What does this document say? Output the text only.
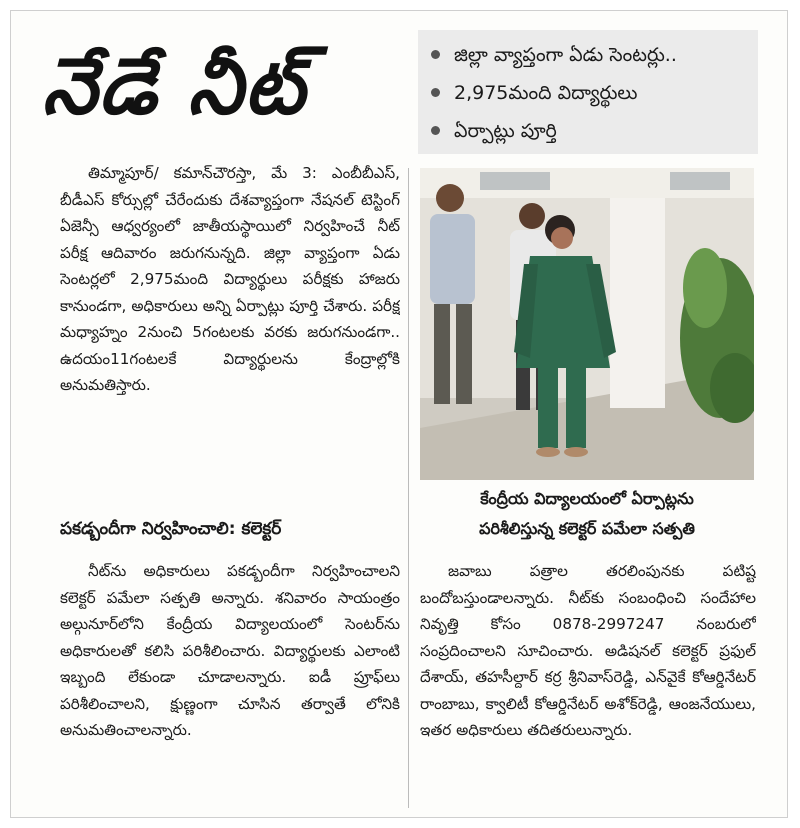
నేడే నీట్	జిల్లా వ్యాప్తంగా ఏడు సెంటర్లు..
2,975మంది విద్యార్థులు
ఏర్పాట్లు పూర్తి

తిమ్మాపూర్/ కమాన్‌చౌరస్తా, మే 3: ఎంబీబీఎస్, బీడీఎస్ కోర్సుల్లో చేరేందుకు దేశవ్యాప్తంగా నేషనల్ టెస్టింగ్ ఏజెన్సీ ఆధ్వర్యంలో జాతీయస్థాయిలో నిర్వహించే నీట్ పరీక్ష ఆదివారం జరుగనున్నది. జిల్లా వ్యాప్తంగా ఏడు సెంటర్లలో 2,975మంది విద్యార్థులు పరీక్షకు హాజరు కానుండగా, అధికారులు అన్ని ఏర్పాట్లు పూర్తి చేశారు. పరీక్ష మధ్యాహ్నం 2నుంచి 5గంటలకు వరకు జరుగనుండగా.. ఉదయం11గంటలకే విద్యార్థులను కేంద్రాల్లోకి అనుమతిస్తారు.

పకడ్బందీగా నిర్వహించాలి: కలెక్టర్

నీట్‌ను అధికారులు పకడ్బందీగా నిర్వహించాలని కలెక్టర్ పమేలా సత్పతి అన్నారు. శనివారం సాయంత్రం అల్గునూర్‌లోని కేంద్రీయ విద్యాలయంలో సెంటర్‌ను అధికారులతో కలిసి పరిశీలించారు. విద్యార్థులకు ఎలాంటి ఇబ్బంది లేకుండా చూడాలన్నారు. ఐడీ ప్రూఫ్‌లు పరిశీలించాలని, క్షుణ్ణంగా చూసిన తర్వాతే లోనికి అనుమతించాలన్నారు.

కేంద్రీయ విద్యాలయంలో ఏర్పాట్లను
పరిశీలిస్తున్న కలెక్టర్ పమేలా సత్పతి

జవాబు పత్రాల తరలింపునకు పటిష్ట బందోబస్తుండాలన్నారు. నీట్‌కు సంబంధించి సందేహాల నివృత్తి కోసం 0878-2997247 నంబరులో సంప్రదించాలని సూచించారు. అడిషనల్ కలెక్టర్ ప్రఫుల్ దేశాయ్, తహసీల్దార్ కర్ర శ్రీనివాస్‌రెడ్డి, ఎన్‌వైకే కోఆర్డినేటర్ రాంబాబు, క్వాలిటీ కోఆర్డినేటర్ అశోక్‌రెడ్డి, ఆంజనేయులు, ఇతర అధికారులు తదితరులున్నారు.
